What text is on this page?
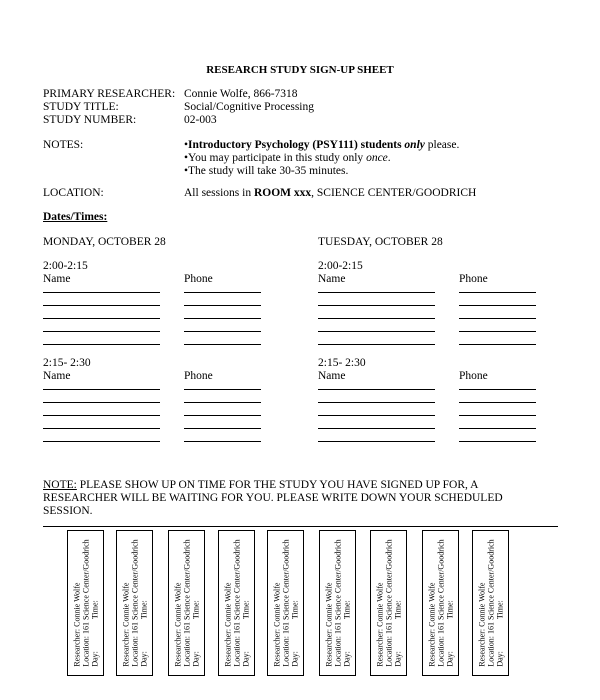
RESEARCH STUDY SIGN-UP SHEET
PRIMARY RESEARCHER: Connie Wolfe, 866-7318
STUDY TITLE:	Social/Cognitive Processing
STUDY NUMBER:	02-003
NOTES:	•Introductory Psychology (PSY111) students only please.
•You may participate in this study only once.
•The study will take 30-35 minutes.
LOCATION:	All sessions in ROOM xxx, SCIENCE CENTER/GOODRICH
Dates/Times:
MONDAY, OCTOBER 28
2:00-2:15
Name	Phone
2:15- 2:30
Name	Phone
TUESDAY, OCTOBER 28
2:00-2:15
Name	Phone
2:15- 2:30
Name	Phone
NOTE: PLEASE SHOW UP ON TIME FOR THE STUDY YOU HAVE SIGNED UP FOR, A
RESEARCHER WILL BE WAITING FOR YOU. PLEASE WRITE DOWN YOUR SCHEDULED
SESSION.
Researcher: Connie Wolfe Location: 161 Science Center/Goodrich Day:                Time:	Researcher: Connie Wolfe Location: 161 Science Center/Goodrich Day:                Time:	Researcher: Connie Wolfe Location: 161 Science Center/Goodrich Day:                Time:	Researcher: Connie Wolfe Location: 161 Science Center/Goodrich Day:                Time:	Researcher: Connie Wolfe Location: 161 Science Center/Goodrich Day:                Time:	Researcher: Connie Wolfe Location: 161 Science Center/Goodrich Day:                Time:	Researcher: Connie Wolfe Location: 161 Science Center/Goodrich Day:                Time:	Researcher: Connie Wolfe Location: 161 Science Center/Goodrich Day:                Time:	Researcher: Connie Wolfe Location: 161 Science Center/Goodrich Day:                Time:
